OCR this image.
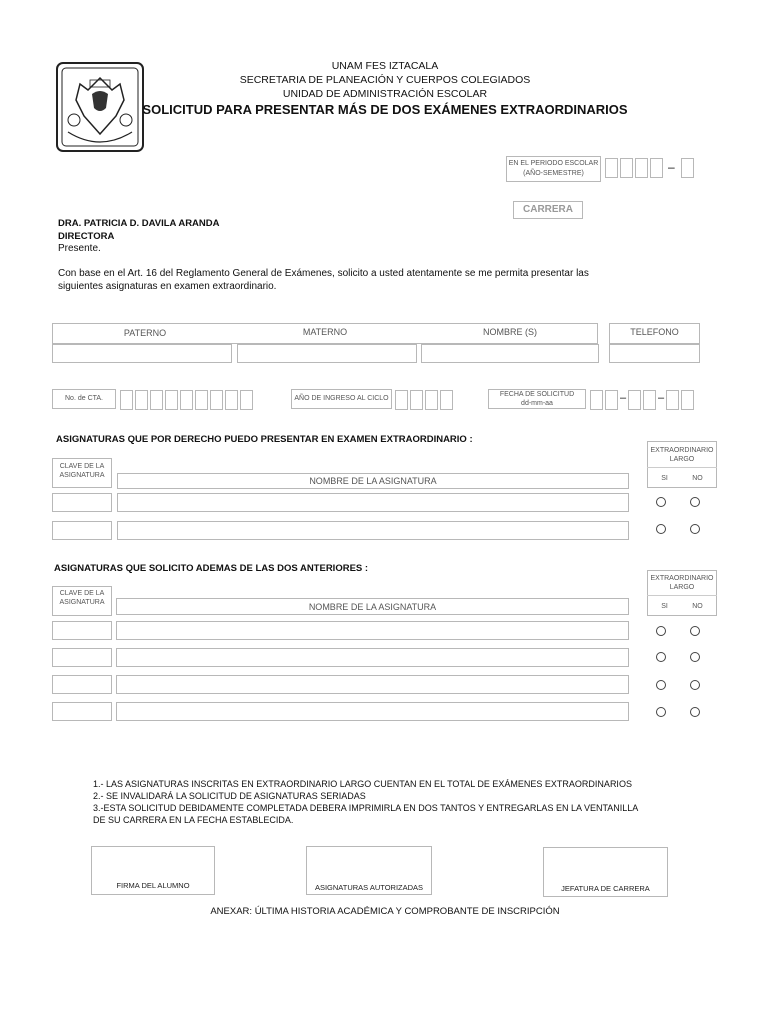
UNAM FES IZTACALA
SECRETARIA DE PLANEACIÓN Y CUERPOS COLEGIADOS
UNIDAD DE ADMINISTRACIÓN ESCOLAR
SOLICITUD PARA PRESENTAR MÁS DE DOS EXÁMENES EXTRAORDINARIOS
EN EL PERIODO ESCOLAR
(AÑO-SEMESTRE)	–
CARRERA
DRA. PATRICIA D. DAVILA ARANDA
DIRECTORA
Presente.
Con base en el Art. 16 del Reglamento General de Exámenes, solicito a usted atentamente se me permita presentar las siguientes asignaturas en examen extraordinario.
PATERNO	MATERNO	NOMBRE (S)	TELEFONO
No. de CTA.	AÑO DE INGRESO AL CICLO
FECHA DE SOLICITUD
dd-mm-aa	–	–
ASIGNATURAS QUE POR DERECHO PUEDO PRESENTAR EN EXAMEN EXTRAORDINARIO :
CLAVE DE LA
ASIGNATURA
NOMBRE DE LA ASIGNATURA
EXTRAORDINARIO
LARGO
SI	NO
ASIGNATURAS QUE SOLICITO ADEMAS DE LAS DOS ANTERIORES :
CLAVE DE LA
ASIGNATURA	NOMBRE DE LA ASIGNATURA
EXTRAORDINARIO
LARGO
SI	NO
1.- LAS ASIGNATURAS INSCRITAS EN EXTRAORDINARIO LARGO CUENTAN EN EL TOTAL DE EXÁMENES EXTRAORDINARIOS
2.- SE INVALIDARÁ LA SOLICITUD DE ASIGNATURAS SERIADAS
3.-ESTA SOLICITUD DEBIDAMENTE COMPLETADA DEBERA IMPRIMIRLA EN DOS TANTOS Y ENTREGARLAS EN LA VENTANILLA
DE SU CARRERA EN LA FECHA ESTABLECIDA.
FIRMA DEL ALUMNO	ASIGNATURAS AUTORIZADAS	JEFATURA DE CARRERA
ANEXAR: ÚLTIMA HISTORIA ACADÉMICA Y COMPROBANTE DE INSCRIPCIÓN
